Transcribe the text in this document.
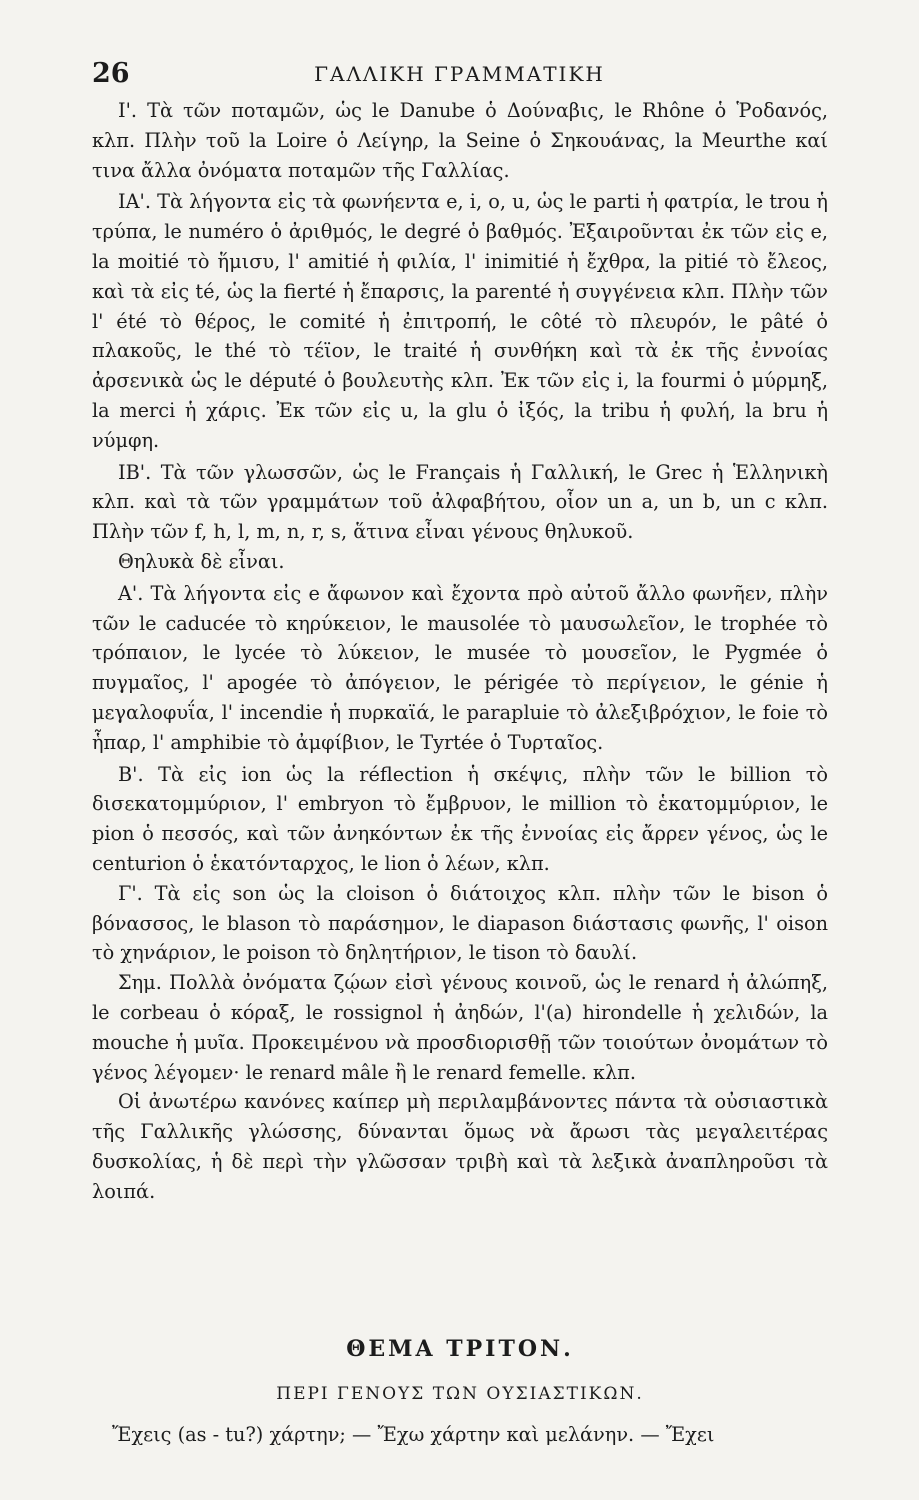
26	ΓΑΛΛΙΚΗ ΓΡΑΜΜΑΤΙΚΗ

Ι'. Τὰ τῶν ποταμῶν, ὡς le Danube ὁ Δούναβις, le Rhône ὁ Ῥοδανός, κλπ. Πλὴν τοῦ la Loire ὁ Λείγηρ, la Seine ὁ Σηκουάνας, la Meurthe καί τινα ἄλλα ὀνόματα ποταμῶν τῆς Γαλλίας.

ΙΑ'. Τὰ λήγοντα εἰς τὰ φωνήεντα e, i, o, u, ὡς le parti ἡ φατρία, le trou ἡ τρύπα, le numéro ὁ ἀριθμός, le degré ὁ βαθμός. Ἐξαιροῦνται ἐκ τῶν εἰς e, la moitié τὸ ἥμισυ, l' amitié ἡ φιλία, l' inimitié ἡ ἔχθρα, la pitié τὸ ἔλεος, καὶ τὰ εἰς té, ὡς la fierté ἡ ἔπαρσις, la parenté ἡ συγγένεια κλπ. Πλὴν τῶν l' été τὸ θέρος, le comité ἡ ἐπιτροπή, le côté τὸ πλευρόν, le pâté ὁ πλακοῦς, le thé τὸ τέϊον, le traité ἡ συνθήκη καὶ τὰ ἐκ τῆς ἐννοίας ἀρσενικὰ ὡς le député ὁ βουλευτὴς κλπ. Ἐκ τῶν εἰς i, la fourmi ὁ μύρμηξ, la merci ἡ χάρις. Ἐκ τῶν εἰς u, la glu ὁ ἰξός, la tribu ἡ φυλή, la bru ἡ νύμφη.

ΙΒ'. Τὰ τῶν γλωσσῶν, ὡς le Français ἡ Γαλλική, le Grec ἡ Ἑλληνικὴ κλπ. καὶ τὰ τῶν γραμμάτων τοῦ ἀλφαβήτου, οἷον un a, un b, un c κλπ. Πλὴν τῶν f, h, l, m, n, r, s, ἅτινα εἶναι γένους θηλυκοῦ.

Θηλυκὰ δὲ εἶναι.

Α'. Τὰ λήγοντα εἰς e ἄφωνον καὶ ἔχοντα πρὸ αὐτοῦ ἄλλο φωνῆεν, πλὴν τῶν le caducée τὸ κηρύκειον, le mausolée τὸ μαυσωλεῖον, le trophée τὸ τρόπαιον, le lycée τὸ λύκειον, le musée τὸ μουσεῖον, le Pygmée ὁ πυγμαῖος, l' apogée τὸ ἀπόγειον, le périgée τὸ περίγειον, le génie ἡ μεγαλοφυΐα, l' incendie ἡ πυρκαϊά, le parapluie τὸ ἀλεξιβρόχιον, le foie τὸ ἧπαρ, l' amphibie τὸ ἀμφίβιον, le Tyrtée ὁ Τυρταῖος.

Β'. Τὰ εἰς ion ὡς la réflection ἡ σκέψις, πλὴν τῶν le billion τὸ δισεκατομμύριον, l' embryon τὸ ἔμβρυον, le million τὸ ἑκατομμύριον, le pion ὁ πεσσός, καὶ τῶν ἀνηκόντων ἐκ τῆς ἐννοίας εἰς ἄρρεν γένος, ὡς le centurion ὁ ἑκατόνταρχος, le lion ὁ λέων, κλπ.

Γ'. Τὰ εἰς son ὡς la cloison ὁ διάτοιχος κλπ. πλὴν τῶν le bison ὁ βόνασσος, le blason τὸ παράσημον, le diapason διάστασις φωνῆς, l' oison τὸ χηνάριον, le poison τὸ δηλητήριον, le tison τὸ δαυλί.

Σημ. Πολλὰ ὀνόματα ζῴων εἰσὶ γένους κοινοῦ, ὡς le renard ἡ ἀλώπηξ, le corbeau ὁ κόραξ, le rossignol ἡ ἀηδών, l'(a) hirondelle ἡ χελιδών, la mouche ἡ μυῖα. Προκειμένου νὰ προσδιορισθῇ τῶν τοιούτων ὀνομάτων τὸ γένος λέγομεν· le renard mâle ἢ le renard femelle. κλπ.

Οἱ ἀνωτέρω κανόνες καίπερ μὴ περιλαμβάνοντες πάντα τὰ οὐσιαστικὰ τῆς Γαλλικῆς γλώσσης, δύνανται ὅμως νὰ ἄρωσι τὰς μεγαλειτέρας δυσκολίας, ἡ δὲ περὶ τὴν γλῶσσαν τριβὴ καὶ τὰ λεξικὰ ἀναπληροῦσι τὰ λοιπά.

ΘΕΜΑ ΤΡΙΤΟΝ.
ΠΕΡΙ ΓΕΝΟΥΣ ΤΩΝ ΟΥΣΙΑΣΤΙΚΩΝ.
Ἔχεις (as - tu?) χάρτην; — Ἔχω χάρτην καὶ μελάνην. — Ἔχει
